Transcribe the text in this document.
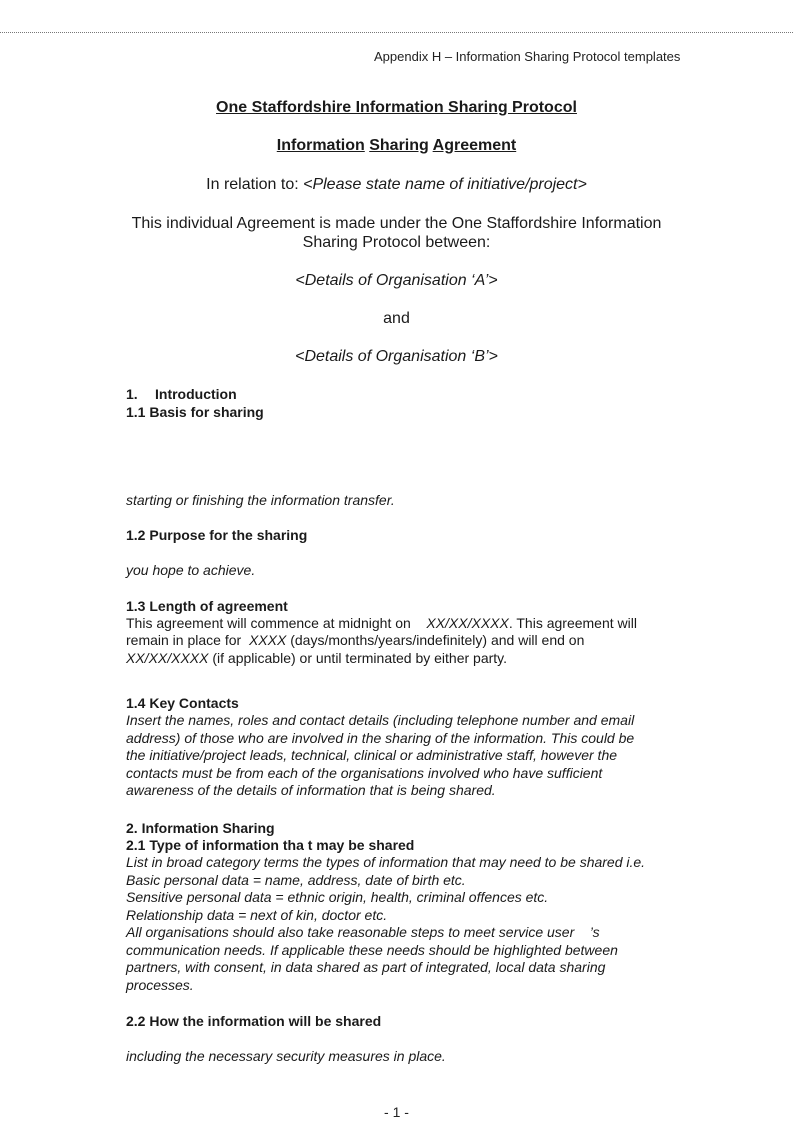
Appendix H – Information Sharing Protocol templates
One Staffordshire Information Sharing Protocol
Information Sharing Agreement
In relation to: <Please state name of initiative/project>
This individual Agreement is made under the One Staffordshire Information
Sharing Protocol between:
<Details of Organisation ‘A’>
and
<Details of Organisation ‘B’>
1. Introduction
1.1 Basis for sharing
starting or finishing the information transfer.
1.2 Purpose for the sharing
you hope to achieve.
1.3 Length of agreement
This agreement will commence at midnight on XX/XX/XXXX. This agreement will
remain in place for XXXX (days/months/years/indefinitely) and will end on
XX/XX/XXXX (if applicable) or until terminated by either party.
1.4 Key Contacts
Insert the names, roles and contact details (including telephone number and email
address) of those who are involved in the sharing of the information. This could be
the initiative/project leads, technical, clinical or administrative staff, however the
contacts must be from each of the organisations involved who have sufficient
awareness of the details of information that is being shared.
2. Information Sharing
2.1 Type of information tha t may be shared
List in broad category terms the types of information that may need to be shared i.e.
Basic personal data = name, address, date of birth etc.
Sensitive personal data = ethnic origin, health, criminal offences etc.
Relationship data = next of kin, doctor etc.
All organisations should also take reasonable steps to meet service user    ’s
communication needs. If applicable these needs should be highlighted between
partners, with consent, in data shared as part of integrated, local data sharing
processes.
2.2 How the information will be shared
including the necessary security measures in place.
- 1 -
